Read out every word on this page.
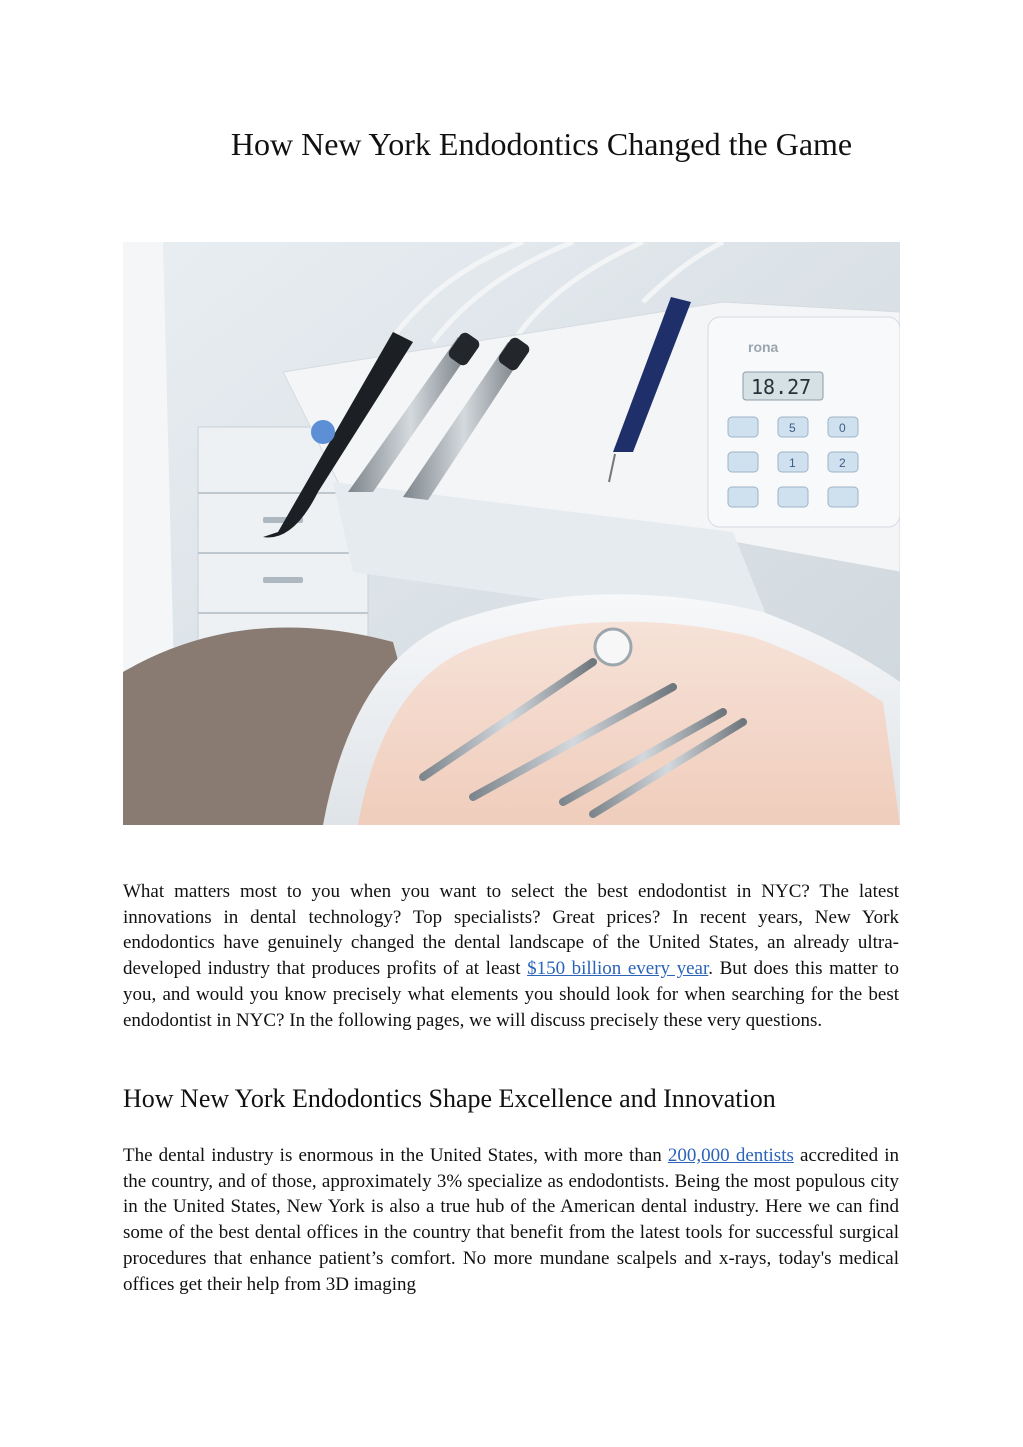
How New York Endodontics Changed the Game
rona
18.27
5	0
1	2

What matters most to you when you want to select the best endodontist in NYC? The latest innovations in dental technology? Top specialists? Great prices? In recent years, New York endodontics have genuinely changed the dental landscape of the United States, an already ultra-developed industry that produces profits of at least $150 billion every year. But does this matter to you, and would you know precisely what elements you should look for when searching for the best endodontist in NYC? In the following pages, we will discuss precisely these very questions.

How New York Endodontics Shape Excellence and Innovation

The dental industry is enormous in the United States, with more than 200,000 dentists accredited in the country, and of those, approximately 3% specialize as endodontists. Being the most populous city in the United States, New York is also a true hub of the American dental industry. Here we can find some of the best dental offices in the country that benefit from the latest tools for successful surgical procedures that enhance patient’s comfort. No more mundane scalpels and x-rays, today's medical offices get their help from 3D imaging
